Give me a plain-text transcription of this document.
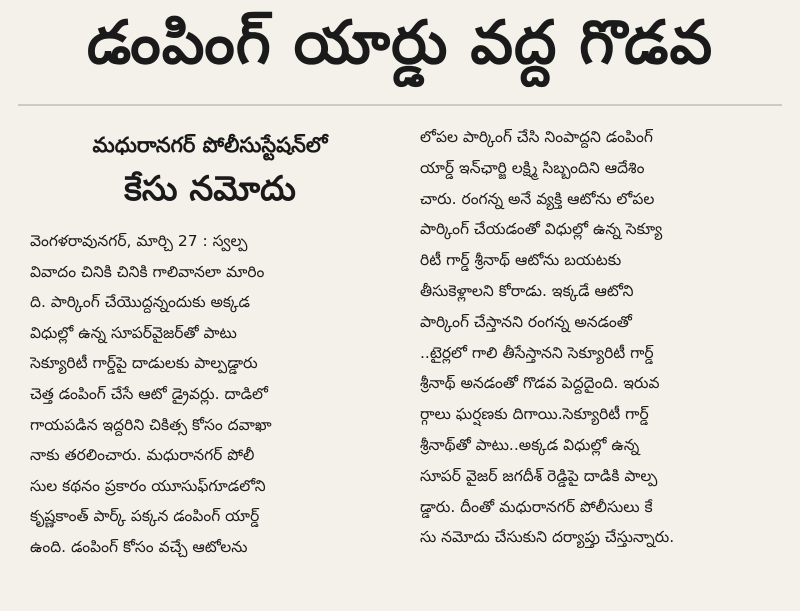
డంపింగ్ యార్డు వద్ద గొడవ
మధురానగర్ పోలీసుస్టేషన్‌లో
కేసు నమోదు
వెంగళరావునగర్, మార్చి 27 : స్వల్ప
వివాదం చినికి చినికి గాలివానలా మారిం
ది. పార్కింగ్ చేయొద్దన్నందుకు అక్కడ
విధుల్లో ఉన్న సూపర్‌వైజర్‌తో పాటు
సెక్యూరిటీ గార్డ్‌పై దాడులకు పాల్పడ్డారు
చెత్త డంపింగ్ చేసే ఆటో డ్రైవర్లు. దాడిలో
గాయపడిన ఇద్దరిని చికిత్స కోసం దవాఖా
నాకు తరలించారు. మధురానగర్ పోలీ
సుల కథనం ప్రకారం యూసుఫ్‌గూడలోని
కృష్ణకాంత్ పార్క్ పక్కన డంపింగ్ యార్డ్
ఉంది. డంపింగ్ కోసం వచ్చే ఆటోలను
లోపల పార్కింగ్ చేసి నింపాద్దని డంపింగ్
యార్డ్ ఇన్‌ఛార్జి లక్ష్మి సిబ్బందిని ఆదేశిం
చారు. రంగన్న అనే వ్యక్తి ఆటోను లోపల
పార్కింగ్ చేయడంతో విధుల్లో ఉన్న సెక్యూ
రిటీ గార్డ్ శ్రీనాథ్ ఆటోను బయటకు
తీసుకెళ్లాలని కోరాడు. ఇక్కడే ఆటోని
పార్కింగ్ చేస్తానని రంగన్న అనడంతో
..టైర్లలో గాలి తీసేస్తానని సెక్యూరిటీ గార్డ్
శ్రీనాథ్ అనడంతో గొడవ పెద్దదైంది. ఇరువ
ర్గాలు ఘర్షణకు దిగాయి.సెక్యూరిటీ గార్డ్
శ్రీనాథ్‌తో పాటు..అక్కడ విధుల్లో ఉన్న
సూపర్ వైజర్ జగదీశ్ రెడ్డిపై దాడికి పాల్ప
డ్డారు. దీంతో మధురానగర్ పోలీసులు కే
సు నమోదు చేసుకుని దర్యాప్తు చేస్తున్నారు.
